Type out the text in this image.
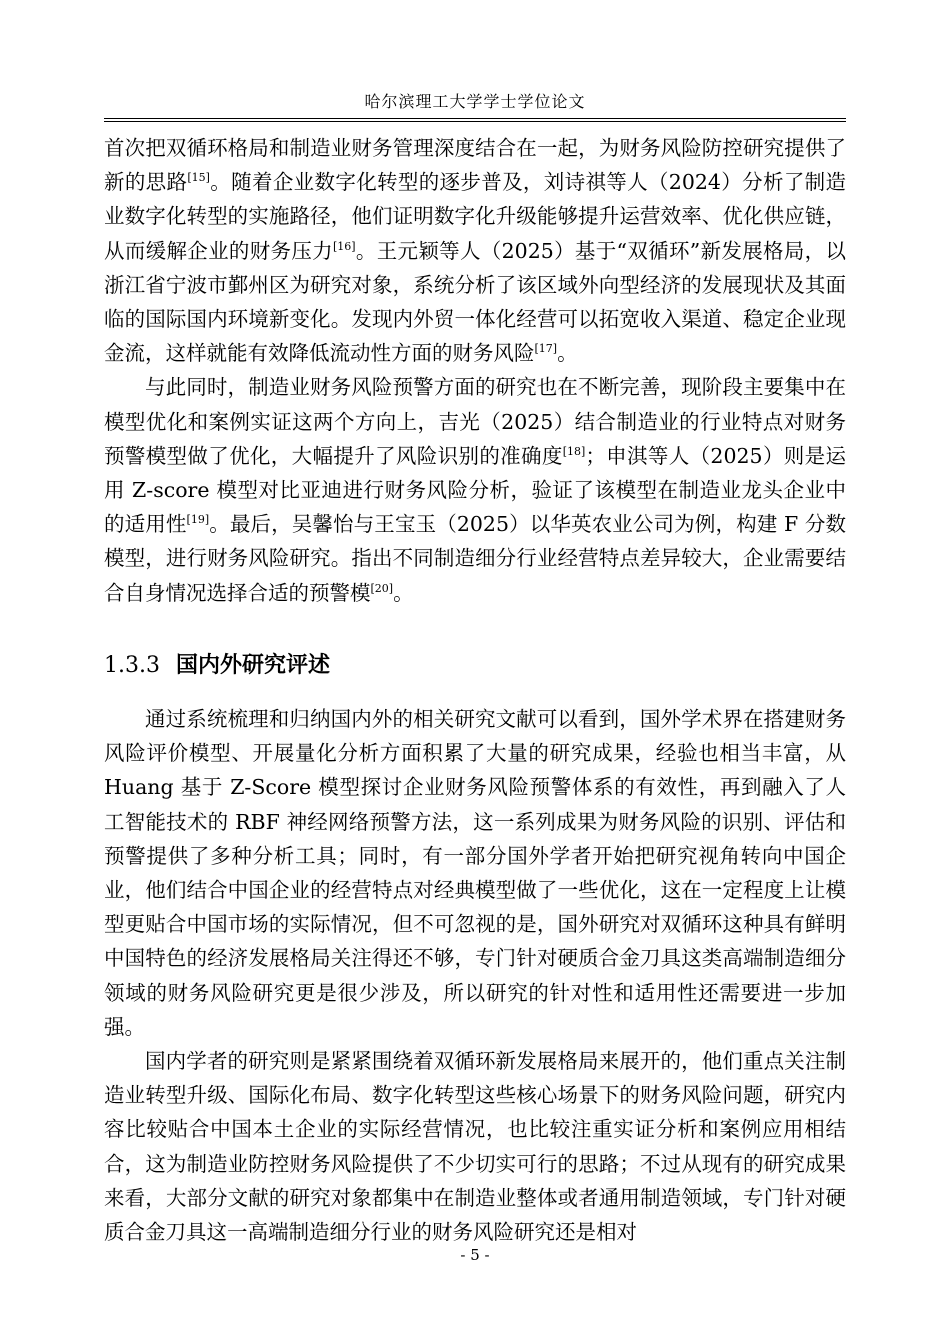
哈尔滨理工大学学士学位论文

首次把双循环格局和制造业财务管理深度结合在一起，为财务风险防控研究提供了新的思路[15]。随着企业数字化转型的逐步普及，刘诗祺等人（2024）分析了制造业数字化转型的实施路径，他们证明数字化升级能够提升运营效率、优化供应链，从而缓解企业的财务压力[16]。王元颖等人（2025）基于“双循环”新发展格局，以浙江省宁波市鄞州区为研究对象，系统分析了该区域外向型经济的发展现状及其面临的国际国内环境新变化。发现内外贸一体化经营可以拓宽收入渠道、稳定企业现金流，这样就能有效降低流动性方面的财务风险[17]。

与此同时，制造业财务风险预警方面的研究也在不断完善，现阶段主要集中在模型优化和案例实证这两个方向上，吉光（2025）结合制造业的行业特点对财务预警模型做了优化，大幅提升了风险识别的准确度[18]；申淇等人（2025）则是运用 Z-score 模型对比亚迪进行财务风险分析，验证了该模型在制造业龙头企业中的适用性[19]。最后，吴馨怡与王宝玉（2025）以华英农业公司为例，构建 F 分数模型，进行财务风险研究。指出不同制造细分行业经营特点差异较大，企业需要结合自身情况选择合适的预警模[20]。

1.3.3 国内外研究评述

通过系统梳理和归纳国内外的相关研究文献可以看到，国外学术界在搭建财务风险评价模型、开展量化分析方面积累了大量的研究成果，经验也相当丰富，从 Huang 基于 Z-Score 模型探讨企业财务风险预警体系的有效性，再到融入了人工智能技术的 RBF 神经网络预警方法，这一系列成果为财务风险的识别、评估和预警提供了多种分析工具；同时，有一部分国外学者开始把研究视角转向中国企业，他们结合中国企业的经营特点对经典模型做了一些优化，这在一定程度上让模型更贴合中国市场的实际情况，但不可忽视的是，国外研究对双循环这种具有鲜明中国特色的经济发展格局关注得还不够，专门针对硬质合金刀具这类高端制造细分领域的财务风险研究更是很少涉及，所以研究的针对性和适用性还需要进一步加强。

国内学者的研究则是紧紧围绕着双循环新发展格局来展开的，他们重点关注制造业转型升级、国际化布局、数字化转型这些核心场景下的财务风险问题，研究内容比较贴合中国本土企业的实际经营情况，也比较注重实证分析和案例应用相结合，这为制造业防控财务风险提供了不少切实可行的思路；不过从现有的研究成果来看，大部分文献的研究对象都集中在制造业整体或者通用制造领域，专门针对硬质合金刀具这一高端制造细分行业的财务风险研究还是相对

- 5 -
